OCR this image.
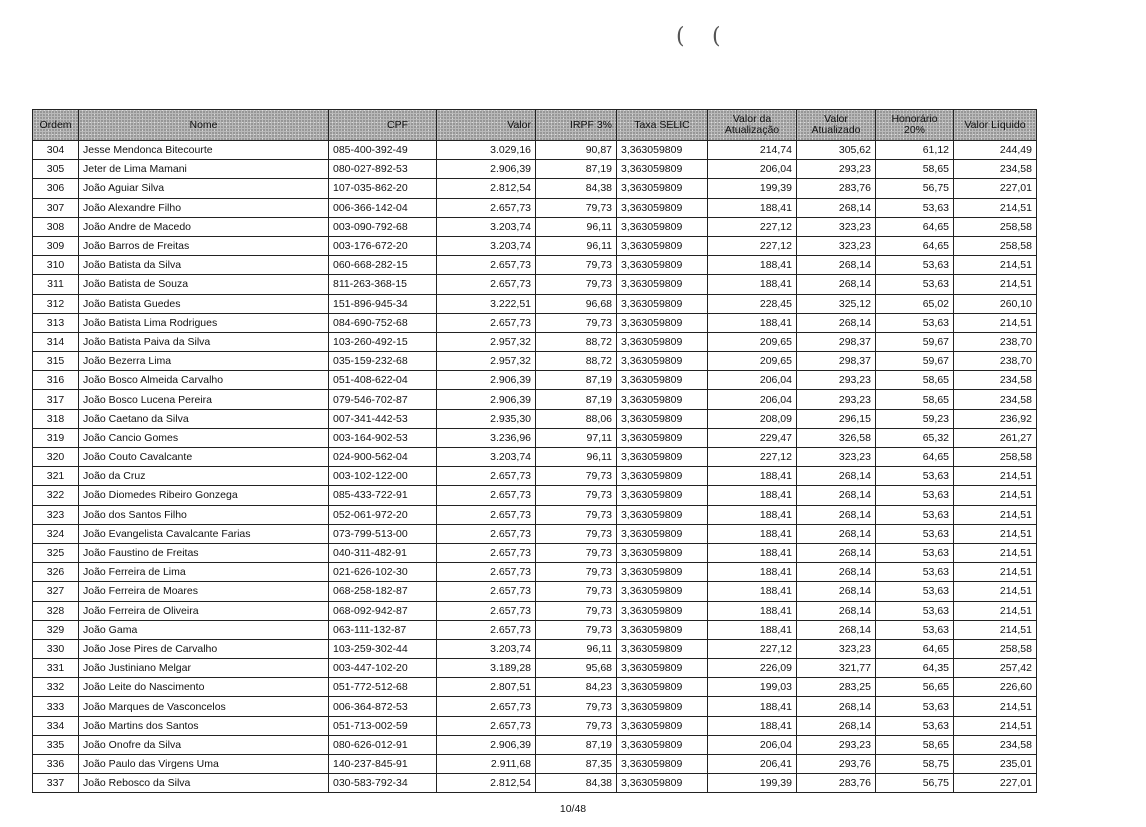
( (
Ordem	Nome	CPF	Valor	IRPF 3%	Taxa SELIC	Valor da Atualização	Valor Atualizado	Honorário 20%	Valor Líquido
304	Jesse Mendonca Bitecourte	085-400-392-49	3.029,16	90,87	3,363059809	214,74	305,62	61,12	244,49
305	Jeter de Lima Mamani	080-027-892-53	2.906,39	87,19	3,363059809	206,04	293,23	58,65	234,58
306	João Aguiar Silva	107-035-862-20	2.812,54	84,38	3,363059809	199,39	283,76	56,75	227,01
307	João Alexandre Filho	006-366-142-04	2.657,73	79,73	3,363059809	188,41	268,14	53,63	214,51
308	João Andre de Macedo	003-090-792-68	3.203,74	96,11	3,363059809	227,12	323,23	64,65	258,58
309	João Barros de Freitas	003-176-672-20	3.203,74	96,11	3,363059809	227,12	323,23	64,65	258,58
310	João Batista da Silva	060-668-282-15	2.657,73	79,73	3,363059809	188,41	268,14	53,63	214,51
311	João Batista de Souza	811-263-368-15	2.657,73	79,73	3,363059809	188,41	268,14	53,63	214,51
312	João Batista Guedes	151-896-945-34	3.222,51	96,68	3,363059809	228,45	325,12	65,02	260,10
313	João Batista Lima Rodrigues	084-690-752-68	2.657,73	79,73	3,363059809	188,41	268,14	53,63	214,51
314	João Batista Paiva da Silva	103-260-492-15	2.957,32	88,72	3,363059809	209,65	298,37	59,67	238,70
315	João Bezerra Lima	035-159-232-68	2.957,32	88,72	3,363059809	209,65	298,37	59,67	238,70
316	João Bosco Almeida Carvalho	051-408-622-04	2.906,39	87,19	3,363059809	206,04	293,23	58,65	234,58
317	João Bosco Lucena Pereira	079-546-702-87	2.906,39	87,19	3,363059809	206,04	293,23	58,65	234,58
318	João Caetano da Silva	007-341-442-53	2.935,30	88,06	3,363059809	208,09	296,15	59,23	236,92
319	João Cancio Gomes	003-164-902-53	3.236,96	97,11	3,363059809	229,47	326,58	65,32	261,27
320	João Couto Cavalcante	024-900-562-04	3.203,74	96,11	3,363059809	227,12	323,23	64,65	258,58
321	João da Cruz	003-102-122-00	2.657,73	79,73	3,363059809	188,41	268,14	53,63	214,51
322	João Diomedes Ribeiro Gonzega	085-433-722-91	2.657,73	79,73	3,363059809	188,41	268,14	53,63	214,51
323	João dos Santos Filho	052-061-972-20	2.657,73	79,73	3,363059809	188,41	268,14	53,63	214,51
324	João Evangelista Cavalcante Farias	073-799-513-00	2.657,73	79,73	3,363059809	188,41	268,14	53,63	214,51
325	João Faustino de Freitas	040-311-482-91	2.657,73	79,73	3,363059809	188,41	268,14	53,63	214,51
326	João Ferreira de Lima	021-626-102-30	2.657,73	79,73	3,363059809	188,41	268,14	53,63	214,51
327	João Ferreira de Moares	068-258-182-87	2.657,73	79,73	3,363059809	188,41	268,14	53,63	214,51
328	João Ferreira de Oliveira	068-092-942-87	2.657,73	79,73	3,363059809	188,41	268,14	53,63	214,51
329	João Gama	063-111-132-87	2.657,73	79,73	3,363059809	188,41	268,14	53,63	214,51
330	João Jose Pires de Carvalho	103-259-302-44	3.203,74	96,11	3,363059809	227,12	323,23	64,65	258,58
331	João Justiniano Melgar	003-447-102-20	3.189,28	95,68	3,363059809	226,09	321,77	64,35	257,42
332	João Leite do Nascimento	051-772-512-68	2.807,51	84,23	3,363059809	199,03	283,25	56,65	226,60
333	João Marques de Vasconcelos	006-364-872-53	2.657,73	79,73	3,363059809	188,41	268,14	53,63	214,51
334	João Martins dos Santos	051-713-002-59	2.657,73	79,73	3,363059809	188,41	268,14	53,63	214,51
335	João Onofre da Silva	080-626-012-91	2.906,39	87,19	3,363059809	206,04	293,23	58,65	234,58
336	João Paulo das Virgens Uma	140-237-845-91	2.911,68	87,35	3,363059809	206,41	293,76	58,75	235,01
337	João Rebosco da Silva	030-583-792-34	2.812,54	84,38	3,363059809	199,39	283,76	56,75	227,01
10/48
